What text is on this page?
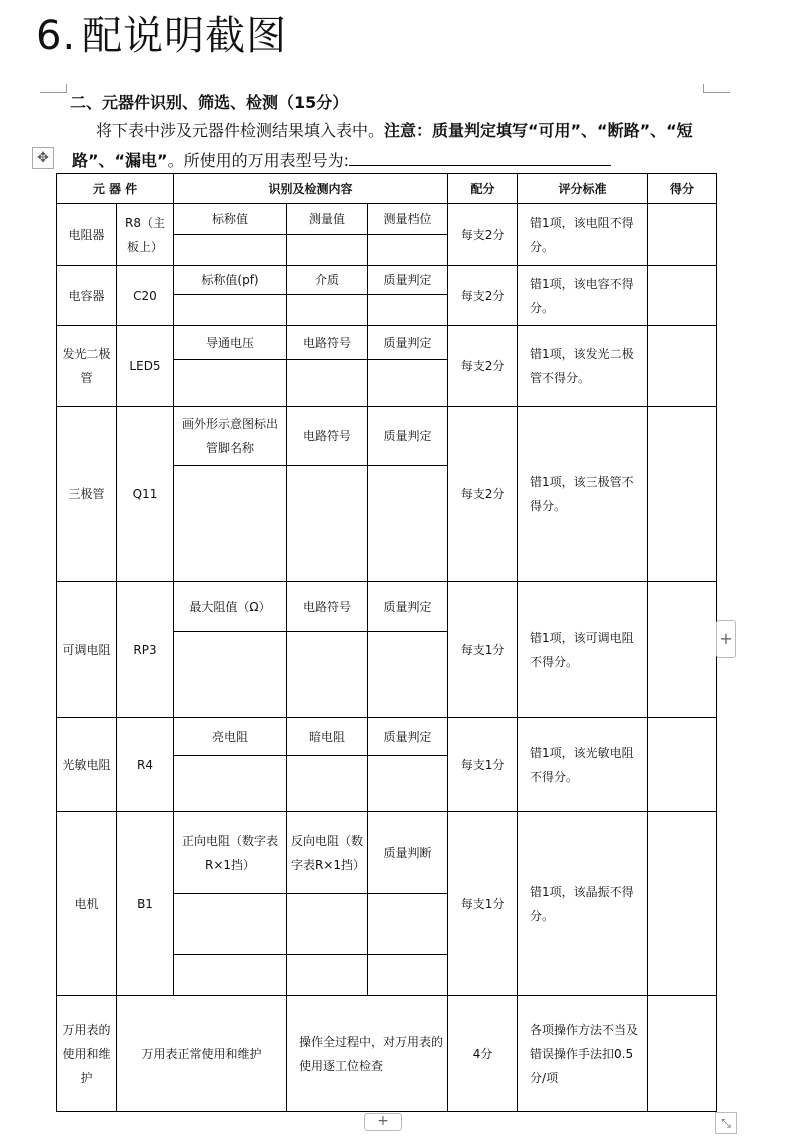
6. 配说明截图
二、元器件识别、筛选、检测（15分）
将下表中涉及元器件检测结果填入表中。注意：质量判定填写“可用”、“断路”、“短路”、“漏电”。所使用的万用表型号为:
✥
元 器 件		识别及检测内容			配分	评分标准	得分
电阻器	R8（主板上）	标称值	测量值	测量档位	每支2分	错1项，该电阻不得分。	

电容器	C20	标称值(pf)	介质	质量判定	每支2分	错1项，该电容不得分。	

发光二极管	LED5	导通电压	电路符号	质量判定	每支2分	错1项，该发光二极管不得分。	

三极管	Q11	画外形示意图标出管脚名称	电路符号	质量判定	每支2分	错1项，该三极管不得分。	

可调电阻	RP3	最大阻值（Ω）	电路符号	质量判定	每支1分	错1项，该可调电阻不得分。	

光敏电阻	R4	亮电阻	暗电阻	质量判定	每支1分	错1项，该光敏电阻不得分。	

电机	B1	正向电阻（数字表R×1挡）	反向电阻（数字表R×1挡）	质量判断	每支1分	错1项，该晶振不得分。	

万用表的使用和维护	万用表正常使用和维护		操作全过程中，对万用表的使用逐工位检查		4分	各项操作方法不当及错误操作手法扣0.5分/项	
+
+	⤡
